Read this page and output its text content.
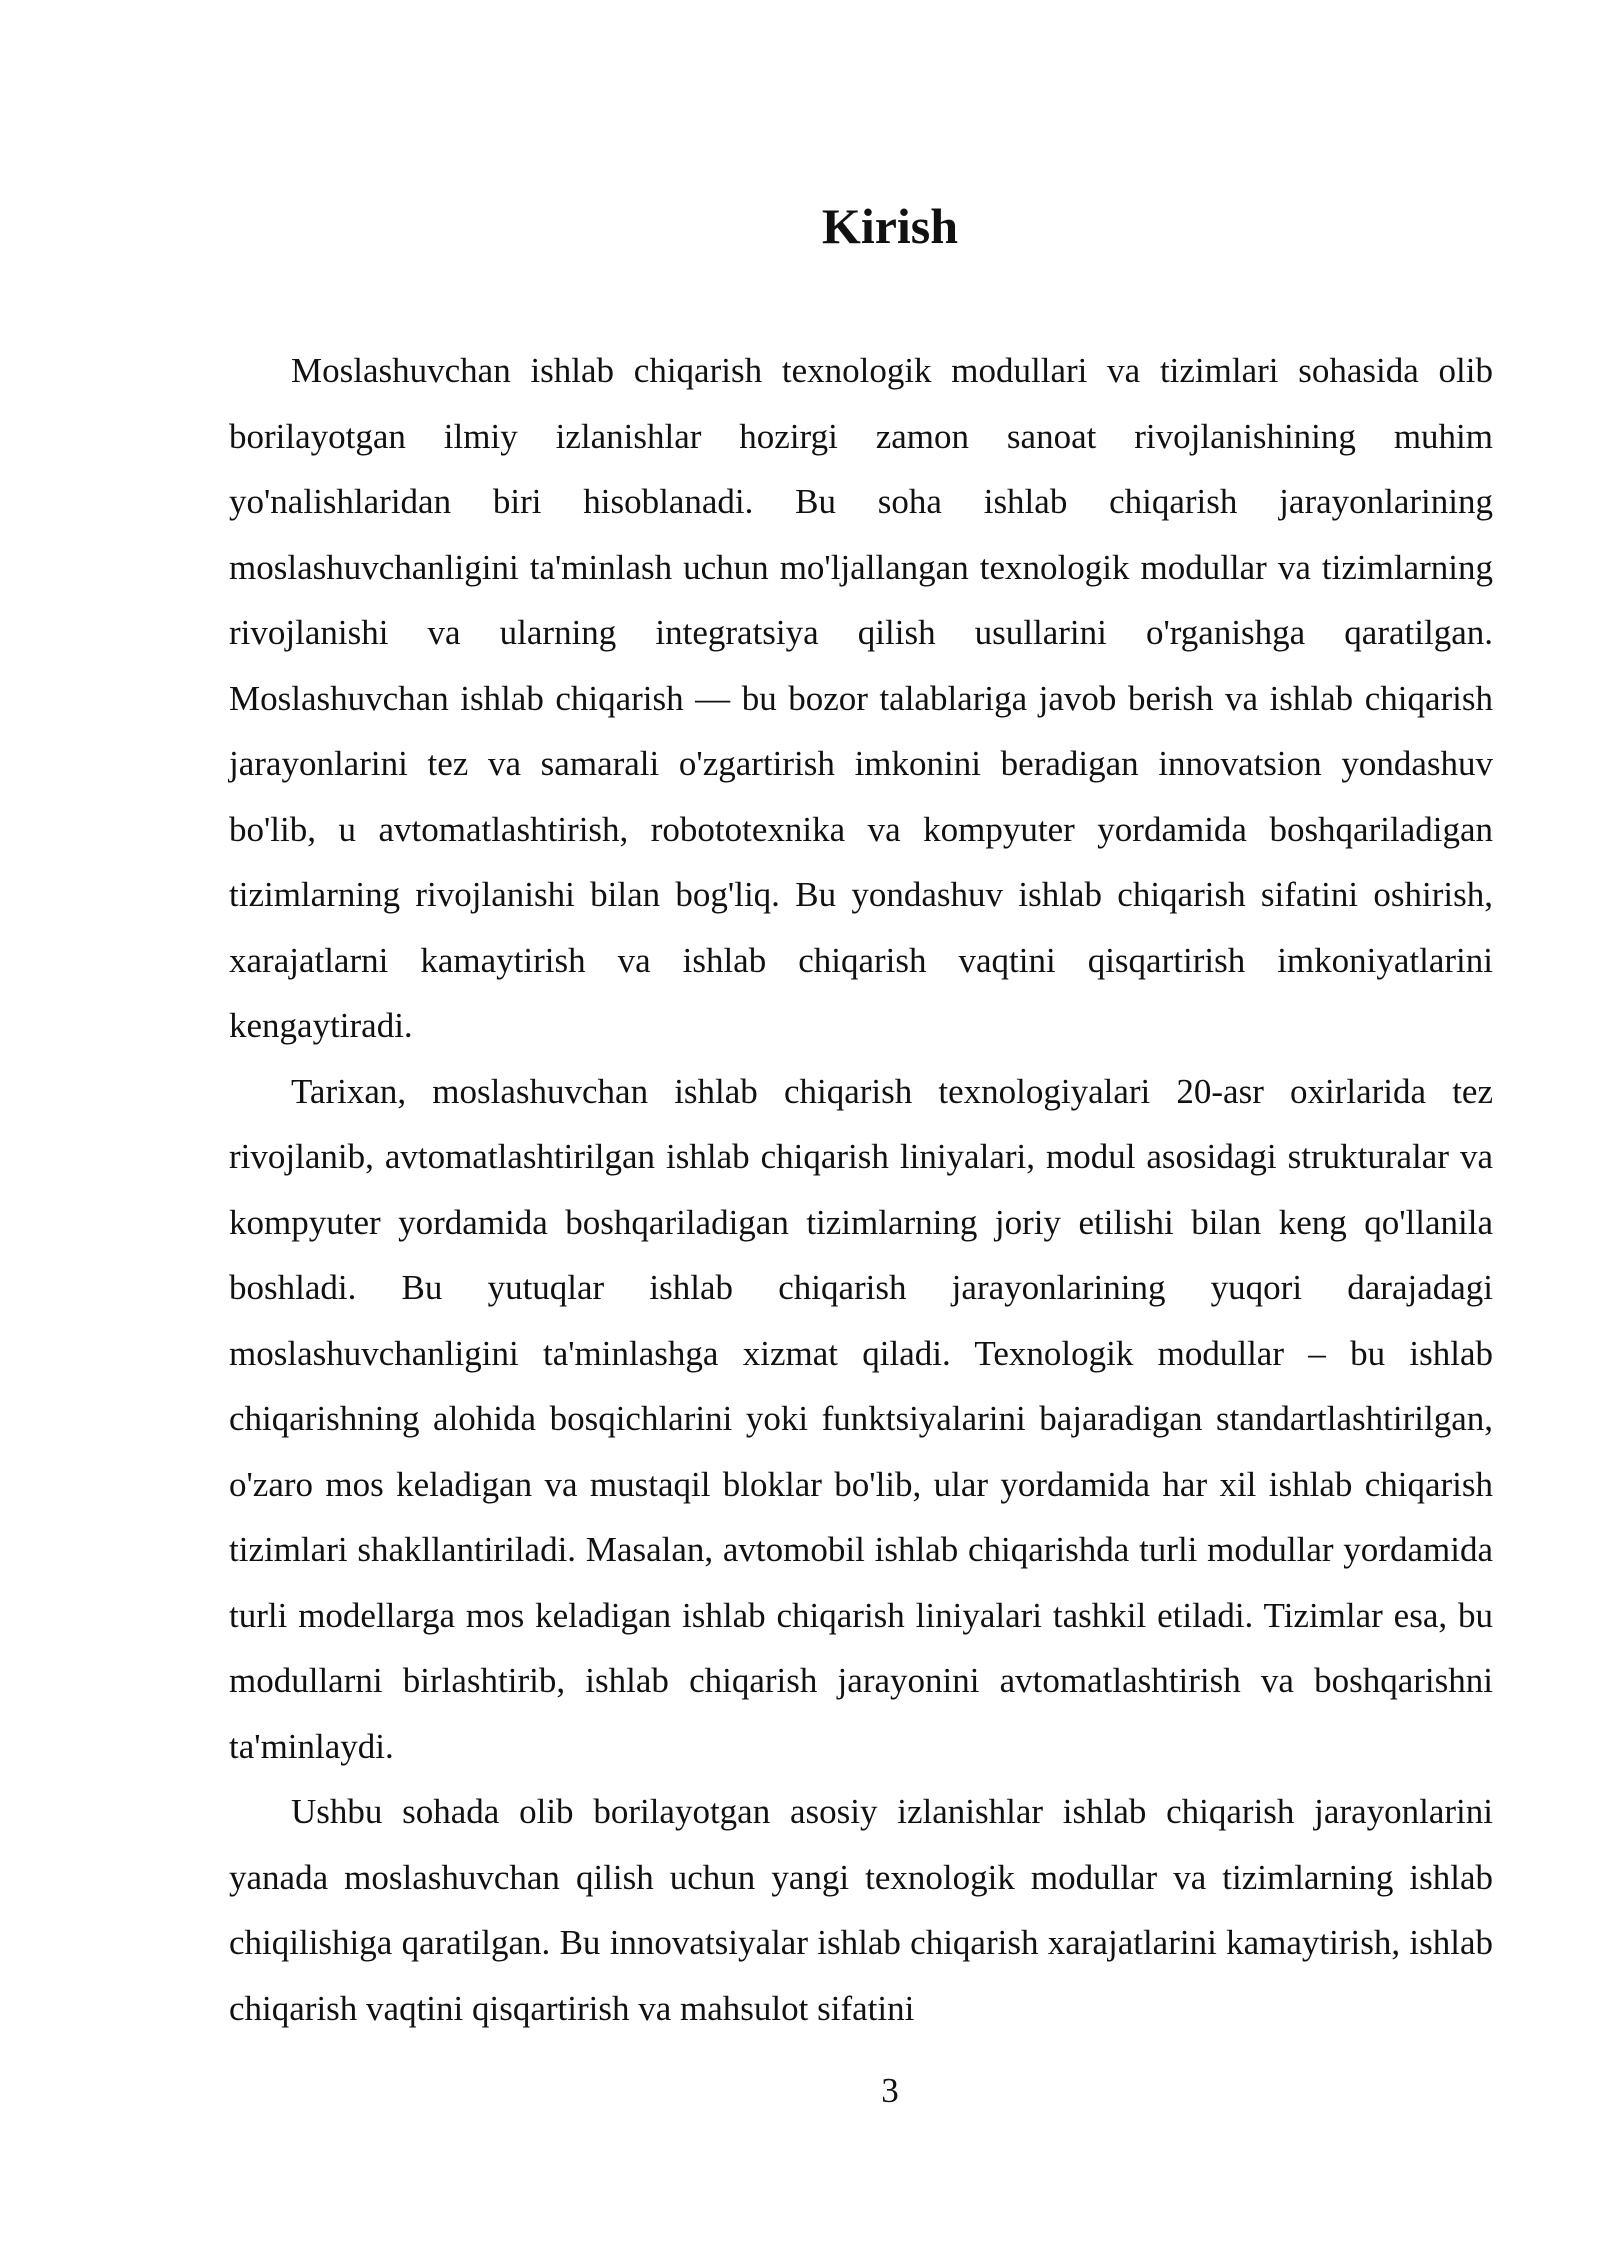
Kirish

Moslashuvchan ishlab chiqarish texnologik modullari va tizimlari sohasida olib borilayotgan ilmiy izlanishlar hozirgi zamon sanoat rivojlanishining muhim yo'nalishlaridan biri hisoblanadi. Bu soha ishlab chiqarish jarayonlarining moslashuvchanligini ta'minlash uchun mo'ljallangan texnologik modullar va tizimlarning rivojlanishi va ularning integratsiya qilish usullarini o'rganishga qaratilgan. Moslashuvchan ishlab chiqarish — bu bozor talablariga javob berish va ishlab chiqarish jarayonlarini tez va samarali o'zgartirish imkonini beradigan innovatsion yondashuv bo'lib, u avtomatlashtirish, robototexnika va kompyuter yordamida boshqariladigan tizimlarning rivojlanishi bilan bog'liq. Bu yondashuv ishlab chiqarish sifatini oshirish, xarajatlarni kamaytirish va ishlab chiqarish vaqtini qisqartirish imkoniyatlarini kengaytiradi.

Tarixan, moslashuvchan ishlab chiqarish texnologiyalari 20-asr oxirlarida tez rivojlanib, avtomatlashtirilgan ishlab chiqarish liniyalari, modul asosidagi strukturalar va kompyuter yordamida boshqariladigan tizimlarning joriy etilishi bilan keng qo'llanila boshladi. Bu yutuqlar ishlab chiqarish jarayonlarining yuqori darajadagi moslashuvchanligini ta'minlashga xizmat qiladi. Texnologik modullar – bu ishlab chiqarishning alohida bosqichlarini yoki funktsiyalarini bajaradigan standartlashtirilgan, o'zaro mos keladigan va mustaqil bloklar bo'lib, ular yordamida har xil ishlab chiqarish tizimlari shakllantiriladi. Masalan, avtomobil ishlab chiqarishda turli modullar yordamida turli modellarga mos keladigan ishlab chiqarish liniyalari tashkil etiladi. Tizimlar esa, bu modullarni birlashtirib, ishlab chiqarish jarayonini avtomatlashtirish va boshqarishni ta'minlaydi.

Ushbu sohada olib borilayotgan asosiy izlanishlar ishlab chiqarish jarayonlarini yanada moslashuvchan qilish uchun yangi texnologik modullar va tizimlarning ishlab chiqilishiga qaratilgan. Bu innovatsiyalar ishlab chiqarish xarajatlarini kamaytirish, ishlab chiqarish vaqtini qisqartirish va mahsulot sifatini

3
